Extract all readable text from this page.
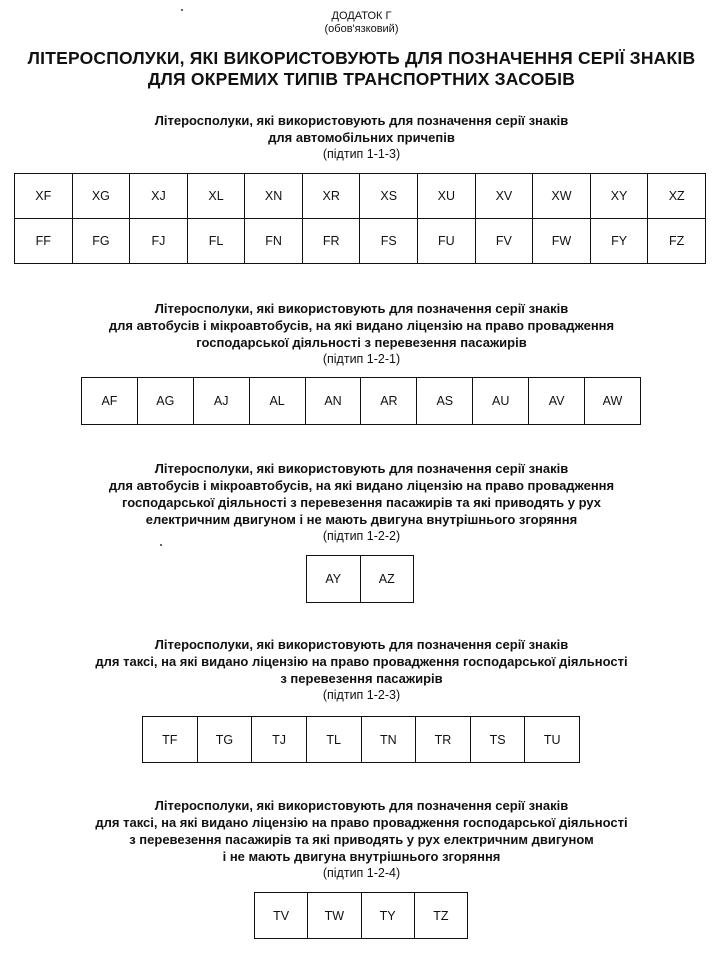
ДОДАТОК Г
(обов'язковий)
ЛІТЕРОСПОЛУКИ, ЯКІ ВИКОРИСТОВУЮТЬ ДЛЯ ПОЗНАЧЕННЯ СЕРІЇ ЗНАКІВ
ДЛЯ ОКРЕМИХ ТИПІВ ТРАНСПОРТНИХ ЗАСОБІВ
Літеросполуки, які використовують для позначення серії знаків
для автомобільних причепів
(підтип 1-1-3)
XF	XG	XJ	XL	XN	XR	XS	XU	XV	XW	XY	XZ
FF	FG	FJ	FL	FN	FR	FS	FU	FV	FW	FY	FZ
Літеросполуки, які використовують для позначення серії знаків
для автобусів і мікроавтобусів, на які видано ліцензію на право провадження
господарської діяльності з перевезення пасажирів
(підтип 1-2-1)
AF	AG	AJ	AL	AN	AR	AS	AU	AV	AW
Літеросполуки, які використовують для позначення серії знаків
для автобусів і мікроавтобусів, на які видано ліцензію на право провадження
господарської діяльності з перевезення пасажирів та які приводять у рух
електричним двигуном і не мають двигуна внутрішнього згоряння
(підтип 1-2-2)
AY	AZ
Літеросполуки, які використовують для позначення серії знаків
для таксі, на які видано ліцензію на право провадження господарської діяльності
з перевезення пасажирів
(підтип 1-2-3)
TF	TG	TJ	TL	TN	TR	TS	TU
Літеросполуки, які використовують для позначення серії знаків
для таксі, на які видано ліцензію на право провадження господарської діяльності
з перевезення пасажирів та які приводять у рух електричним двигуном
і не мають двигуна внутрішнього згоряння
(підтип 1-2-4)
TV	TW	TY	TZ
